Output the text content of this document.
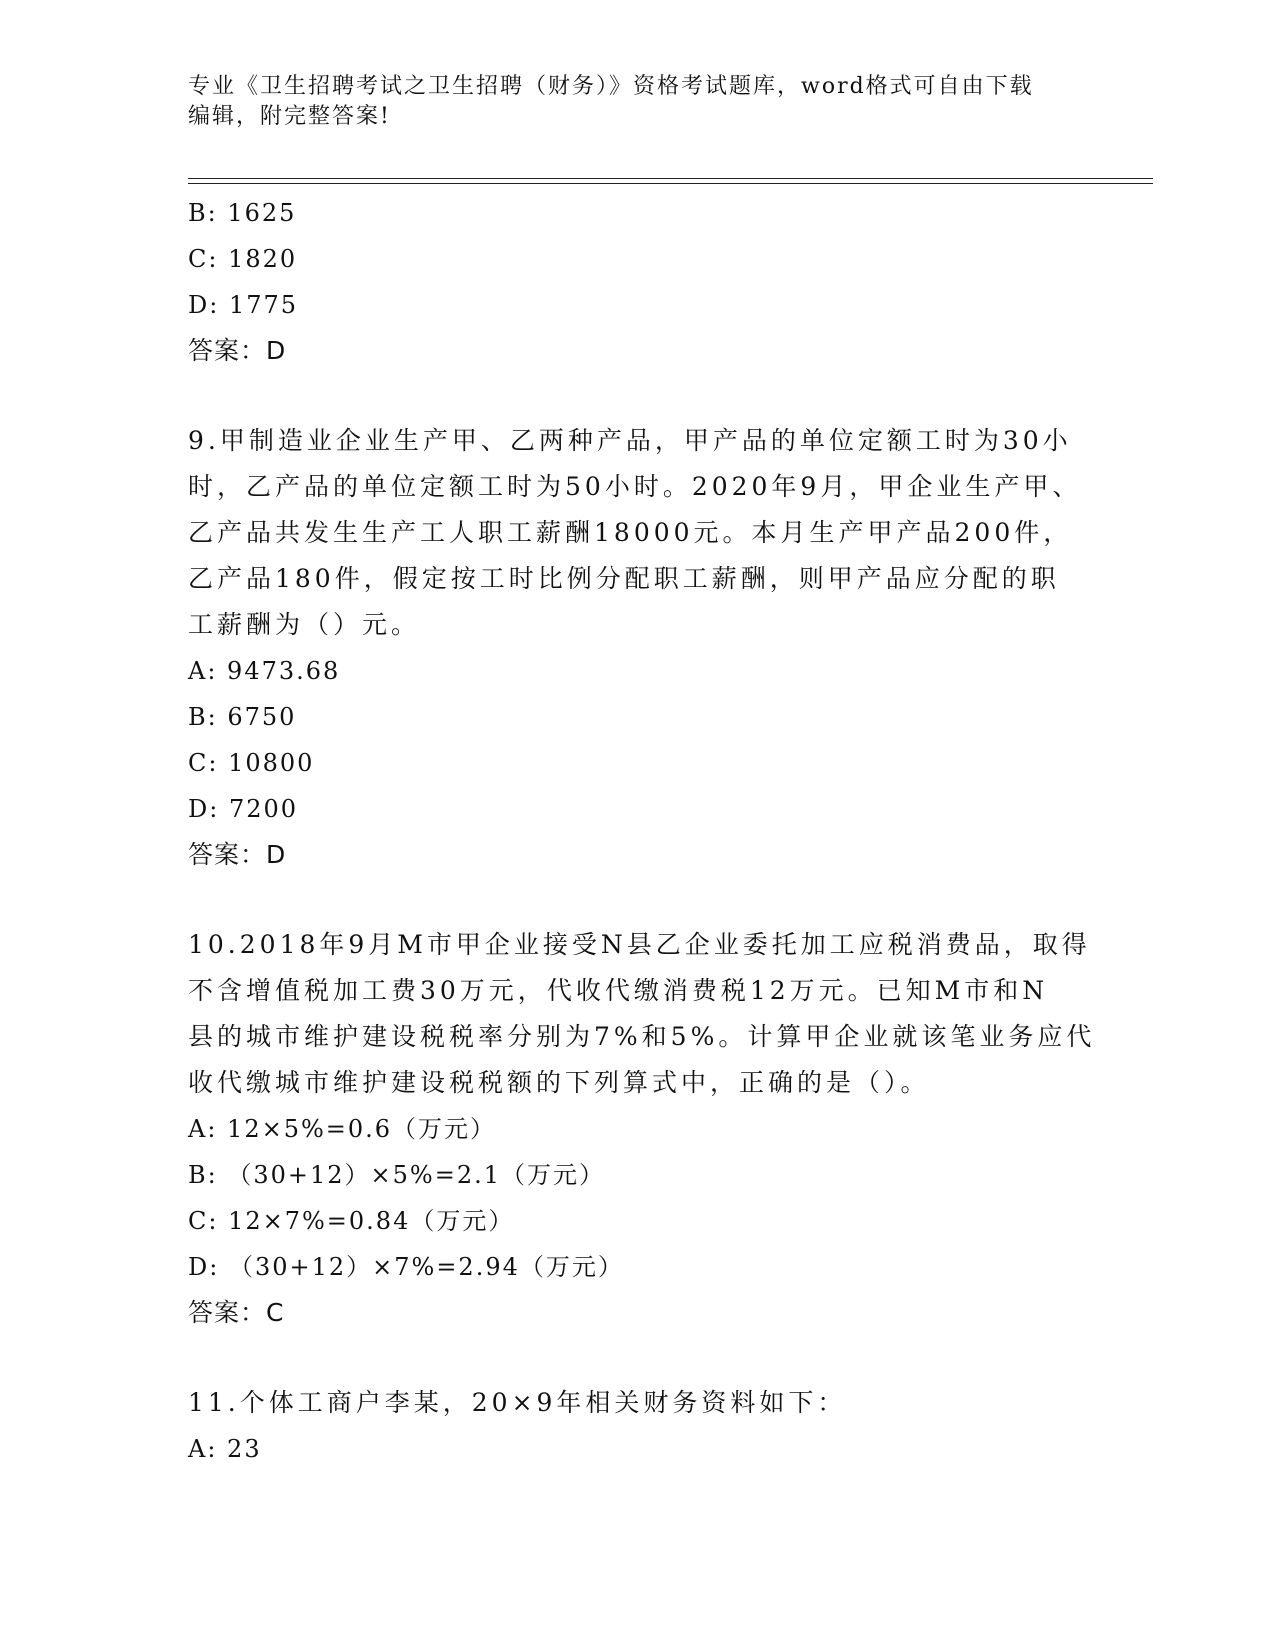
专业《卫生招聘考试之卫生招聘（财务）》资格考试题库，word格式可自由下载
编辑，附完整答案!
B: 1625
C: 1820
D: 1775
答案：D
9.甲制造业企业生产甲、乙两种产品，甲产品的单位定额工时为30小
时，乙产品的单位定额工时为50小时。2020年9月，甲企业生产甲、
乙产品共发生生产工人职工薪酬18000元。本月生产甲产品200件，
乙产品180件，假定按工时比例分配职工薪酬，则甲产品应分配的职
工薪酬为（）元。
A: 9473.68
B: 6750
C: 10800
D: 7200
答案：D
10.2018年9月M市甲企业接受N县乙企业委托加工应税消费品，取得
不含增值税加工费30万元，代收代缴消费税12万元。已知M市和N
县的城市维护建设税税率分别为7%和5%。计算甲企业就该笔业务应代
收代缴城市维护建设税税额的下列算式中，正确的是（）。
A: 12×5%=0.6（万元）
B: （30+12）×5%=2.1（万元）
C: 12×7%=0.84（万元）
D: （30+12）×7%=2.94（万元）
答案：C
11.个体工商户李某，20×9年相关财务资料如下：
A: 23
